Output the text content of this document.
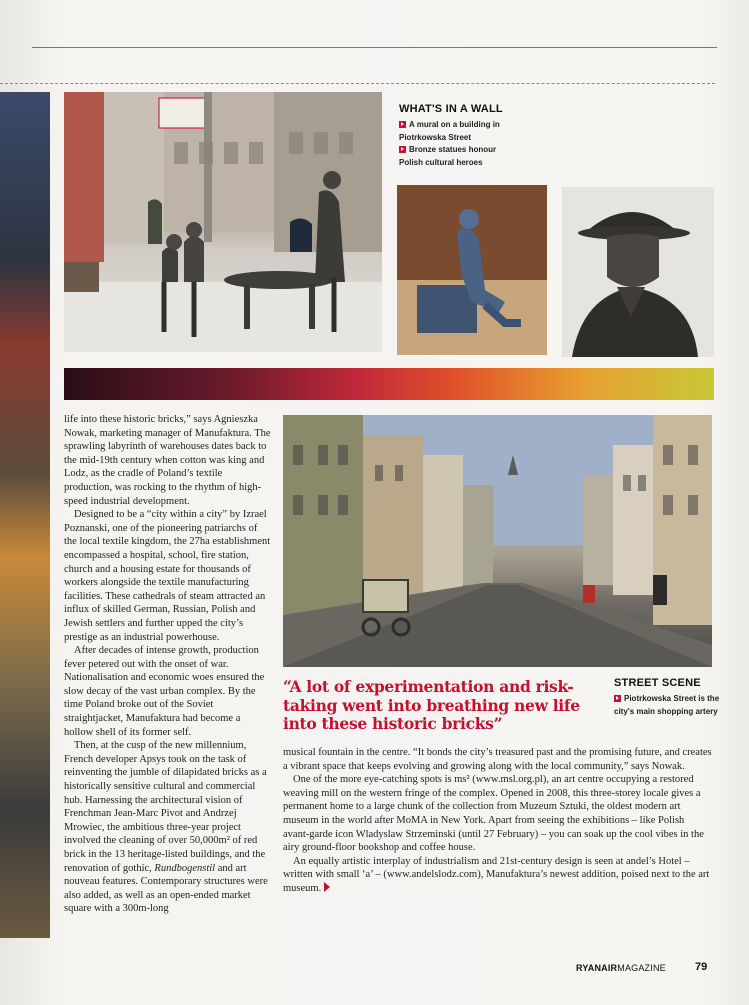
WHAT'S IN A WALL
A mural on a building in
Piotrkowska Street
Bronze statues honour
Polish cultural heroes
STREET SCENE
Piotrkowska Street is the
city's main shopping artery
“A lot of experimentation and risk-taking went into breathing new life into these historic bricks”

life into these historic bricks,” says Agnieszka Nowak, marketing manager of Manufaktura. The sprawling labyrinth of warehouses dates back to the mid-19th century when cotton was king and Lodz, as the cradle of Poland’s textile production, was rocking to the rhythm of high-speed industrial development.

Designed to be a “city within a city” by Izrael Poznanski, one of the pioneering patriarchs of the local textile kingdom, the 27ha establishment encompassed a hospital, school, fire station, church and a housing estate for thousands of workers alongside the textile manufacturing facilities. These cathedrals of steam attracted an influx of skilled German, Russian, Polish and Jewish settlers and further upped the city’s prestige as an industrial powerhouse.

After decades of intense growth, production fever petered out with the onset of war. Nationalisation and economic woes ensured the slow decay of the vast urban complex. By the time Poland broke out of the Soviet straightjacket, Manufaktura had become a hollow shell of its former self.

Then, at the cusp of the new millennium, French developer Apsys took on the task of reinventing the jumble of dilapidated bricks as a historically sensitive cultural and commercial hub. Harnessing the architectural vision of Frenchman Jean-Marc Pivot and Andrzej Mrowiec, the ambitious three-year project involved the cleaning of over 50,000m² of red brick in the 13 heritage-listed buildings, and the renovation of gothic, Rundbogenstil and art nouveau features. Contemporary structures were also added, as well as an open-ended market square with a 300m-long

musical fountain in the centre. “It bonds the city’s treasured past and the promising future, and creates a vibrant space that keeps evolving and growing along with the local community,” says Nowak.

One of the more eye-catching spots is ms² (www.msl.org.pl), an art centre occupying a restored weaving mill on the western fringe of the complex. Opened in 2008, this three-storey locale gives a permanent home to a large chunk of the collection from Muzeum Sztuki, the oldest modern art museum in the world after MoMA in New York. Apart from seeing the exhibitions – like Polish avant-garde icon Wladyslaw Strzeminski (until 27 February) – you can soak up the cool vibes in the airy ground-floor bookshop and coffee house.

An equally artistic interplay of industrialism and 21st-century design is seen at andel’s Hotel – written with small ‘a’ – (www.andelslodz.com), Manufaktura’s newest addition, poised next to the art museum.

RYANAIRMAGAZINE	79
